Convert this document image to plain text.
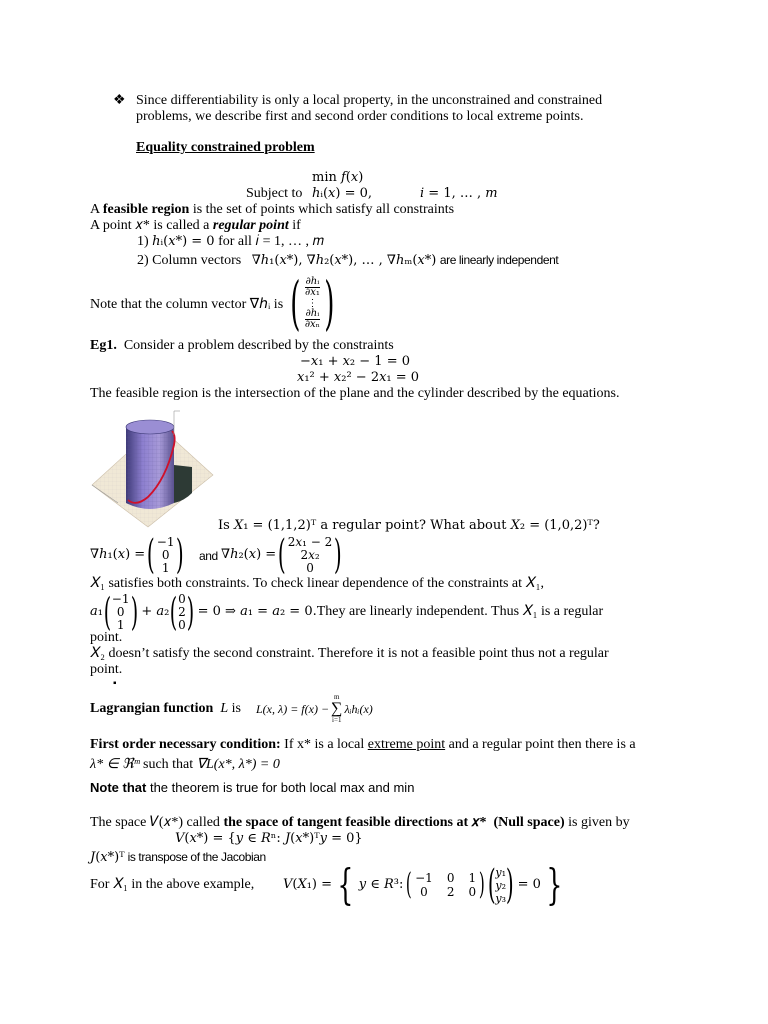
❖ Since differentiability is only a local property, in the unconstrained and constrained
problems, we describe first and second order conditions to local extreme points.
Equality constrained problem
min 𝑓(𝑥)
Subject to ℎᵢ(𝑥) = 0,	𝑖 = 1, … , 𝑚
A feasible region is the set of points which satisfy all constraints
A point 𝑥* is called a regular point if
1) ℎᵢ(𝑥*) = 0 for all 𝑖 = 1, … , 𝑚
2) Column vectors ∇ℎ₁(𝑥*), ∇ℎ₂(𝑥*), … , ∇ℎₘ(𝑥*) are linearly independent
Note that the column vector ∇ℎᵢ is ( $\frac{\text{∂ℎᵢ}}{\text{∂𝑥₁}}$
⋮
$\frac{\text{∂ℎᵢ}}{\text{∂𝑥ₙ}}$ )
Eg1. Consider a problem described by the constraints
−𝑥₁ + 𝑥₂ − 1 = 0
𝑥₁² + 𝑥₂² − 2𝑥₁ = 0
The feasible region is the intersection of the plane and the cylinder described by the equations.
Is 𝑋₁ = (1,1,2)ᵀ a regular point? What about 𝑋₂ = (1,0,2)ᵀ?
∇ℎ₁(𝑥) = ( −1
0
1 ) and ∇ℎ₂(𝑥) = ( 2𝑥₁ − 2
2𝑥₂
0 )
𝑋₁ satisfies both constraints. To check linear dependence of the constraints at 𝑋₁,
𝑎₁ ( −1
0
1 ) + 𝑎₂ ( 0
2
0 ) = 0 ⇒ 𝑎₁ = 𝑎₂ = 0. They are linearly independent. Thus 𝑋₁ is a regular
point.
𝑋₂ doesn’t satisfy the second constraint. Therefore it is not a feasible point thus not a regular
point.
▪
Lagrangian function L is L(x, λ) = f(x) −
m
∑
i=1
λᵢhᵢ(x)
First order necessary condition: If x* is a local extreme point and a regular point then there is a
λ* ∈ ℜᵐ such that ∇L(x*, λ*) = 0
Note that the theorem is true for both local max and min
The space 𝑉(𝑥*) called the space of tangent feasible directions at 𝑥* (Null space) is given by
𝑉(𝑥*) = {𝑦 ∈ 𝑅ⁿ: 𝐽(𝑥*)ᵀ𝑦 = 0}
𝐽(𝑥*)ᵀ is transpose of the Jacobian
For 𝑋₁ in the above example, 𝑉(𝑋₁) = { 𝑦 ∈ 𝑅³: ( −1 0 1
0	2 0 ) ( 𝑦₁
𝑦₂
𝑦₃ ) = 0 }
